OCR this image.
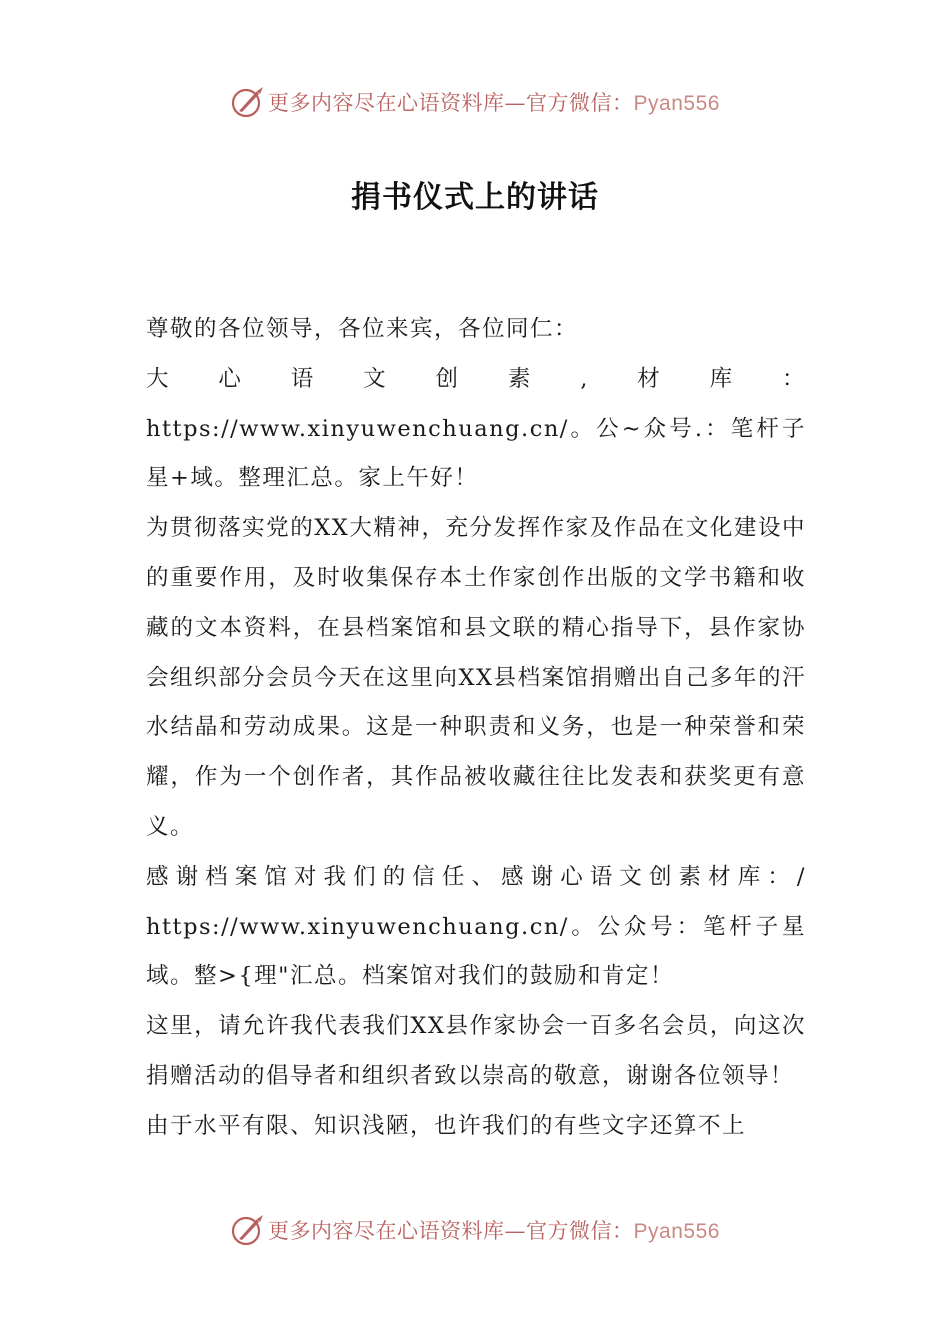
更多内容尽在心语资料库—官方微信：Pyan556
捐书仪式上的讲话

尊敬的各位领导，各位来宾，各位同仁：

大心语文创素,材库：https://www.xinyuwenchuang.cn/。公~众号.：笔杆子星+域。整理汇总。家上午好！

为贯彻落实党的XX大精神，充分发挥作家及作品在文化建设中的重要作用，及时收集保存本土作家创作出版的文学书籍和收藏的文本资料，在县档案馆和县文联的精心指导下，县作家协会组织部分会员今天在这里向XX县档案馆捐赠出自己多年的汗水结晶和劳动成果。这是一种职责和义务，也是一种荣誉和荣耀，作为一个创作者，其作品被收藏往往比发表和获奖更有意义。

感谢档案馆对我们的信任、感谢心语文创素材库：/ https://www.xinyuwenchuang.cn/。公众号：笔杆子星域。整>{理"汇总。档案馆对我们的鼓励和肯定！

这里，请允许我代表我们XX县作家协会一百多名会员，向这次捐赠活动的倡导者和组织者致以崇高的敬意，谢谢各位领导！

由于水平有限、知识浅陋，也许我们的有些文字还算不上

更多内容尽在心语资料库—官方微信：Pyan556
